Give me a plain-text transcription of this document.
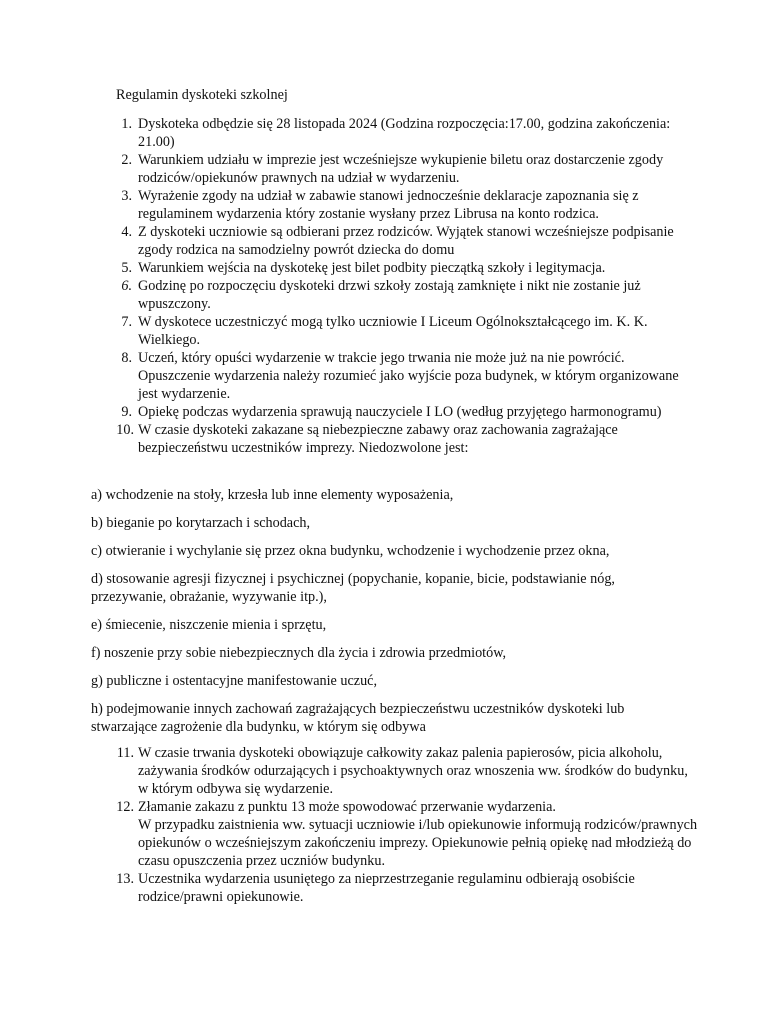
Regulamin dyskoteki szkolnej
1. Dyskoteka odbędzie się 28 listopada 2024 (Godzina rozpoczęcia:17.00, godzina zakończenia: 21.00)
2. Warunkiem udziału w imprezie jest wcześniejsze wykupienie biletu oraz dostarczenie zgody rodziców/opiekunów prawnych na udział w wydarzeniu.
3. Wyrażenie zgody na udział w zabawie stanowi jednocześnie deklaracje zapoznania się z regulaminem wydarzenia który zostanie wysłany przez Librusa na konto rodzica.
4. Z dyskoteki uczniowie są odbierani przez rodziców. Wyjątek stanowi wcześniejsze podpisanie zgody rodzica na samodzielny powrót dziecka do domu
5. Warunkiem wejścia na dyskotekę jest bilet podbity pieczątką szkoły i legitymacja.
6. Godzinę po rozpoczęciu dyskoteki drzwi szkoły zostają zamknięte i nikt nie zostanie już wpuszczony.
7. W dyskotece uczestniczyć mogą tylko uczniowie I Liceum Ogólnokształcącego im. K. K. Wielkiego.
8. Uczeń, który opuści wydarzenie w trakcie jego trwania nie może już na nie powrócić. Opuszczenie wydarzenia należy rozumieć jako wyjście poza budynek, w którym organizowane jest wydarzenie.
9. Opiekę podczas wydarzenia sprawują nauczyciele I LO (według przyjętego harmonogramu)
10. W czasie dyskoteki zakazane są niebezpieczne zabawy oraz zachowania zagrażające bezpieczeństwu uczestników imprezy. Niedozwolone jest:

a) wchodzenie na stoły, krzesła lub inne elementy wyposażenia,

b) bieganie po korytarzach i schodach,

c) otwieranie i wychylanie się przez okna budynku, wchodzenie i wychodzenie przez okna,

d) stosowanie agresji fizycznej i psychicznej (popychanie, kopanie, bicie, podstawianie nóg, przezywanie, obrażanie, wyzywanie itp.),

e) śmiecenie, niszczenie mienia i sprzętu,

f) noszenie przy sobie niebezpiecznych dla życia i zdrowia przedmiotów,

g) publiczne i ostentacyjne manifestowanie uczuć,

h) podejmowanie innych zachowań zagrażających bezpieczeństwu uczestników dyskoteki lub stwarzające zagrożenie dla budynku, w którym się odbywa

11. W czasie trwania dyskoteki obowiązuje całkowity zakaz palenia papierosów, picia alkoholu, zażywania środków odurzających i psychoaktywnych oraz wnoszenia ww. środków do budynku, w którym odbywa się wydarzenie.
12. Złamanie zakazu z punktu 13 może spowodować przerwanie wydarzenia.
W przypadku zaistnienia ww. sytuacji uczniowie i/lub opiekunowie informują rodziców/prawnych opiekunów o wcześniejszym zakończeniu imprezy. Opiekunowie pełnią opiekę nad młodzieżą do czasu opuszczenia przez uczniów budynku.
13. Uczestnika wydarzenia usuniętego za nieprzestrzeganie regulaminu odbierają osobiście rodzice/prawni opiekunowie.
